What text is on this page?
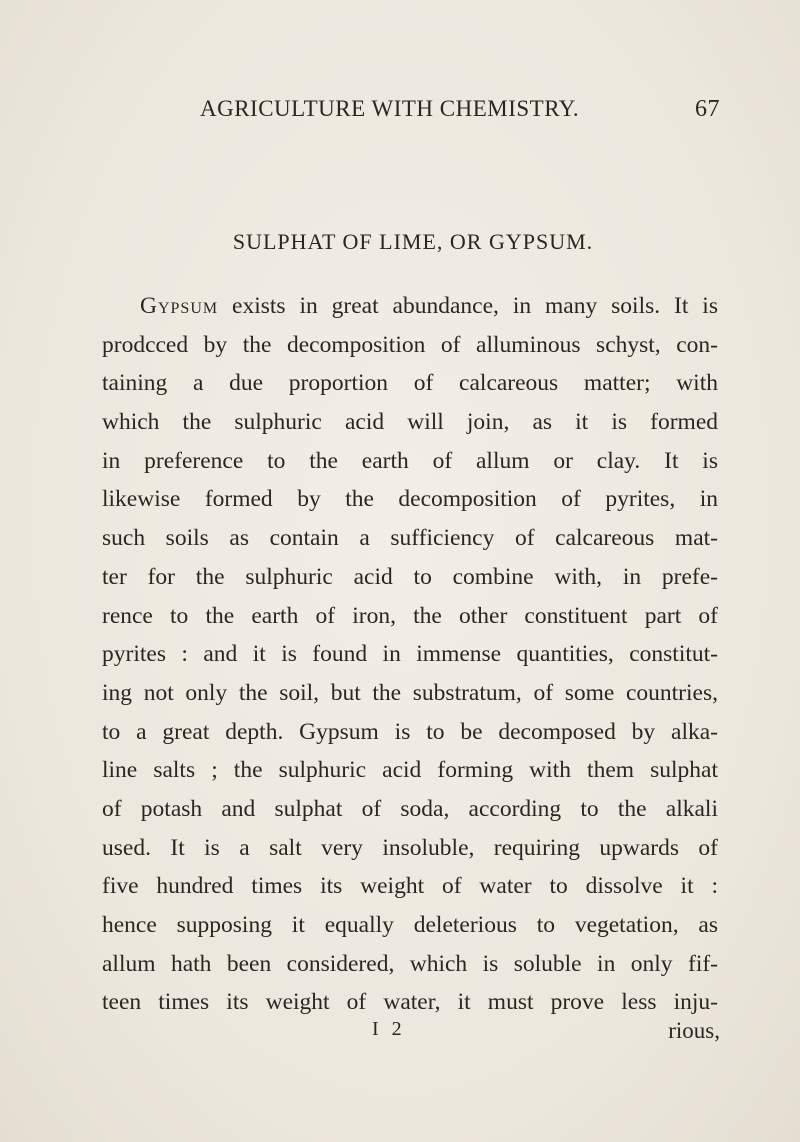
AGRICULTURE WITH CHEMISTRY.	67
SULPHAT OF LIME, OR GYPSUM.
Gypsum exists in great abundance, in many soils. It is
prodcced by the decomposition of alluminous schyst, con-
taining a due proportion of calcareous matter; with
which the sulphuric acid will join, as it is formed
in preference to the earth of allum or clay. It is
likewise formed by the decomposition of pyrites, in
such soils as contain a sufficiency of calcareous mat-
ter for the sulphuric acid to combine with, in prefe-
rence to the earth of iron, the other constituent part of
pyrites : and it is found in immense quantities, constitut-
ing not only the soil, but the substratum, of some countries,
to a great depth. Gypsum is to be decomposed by alka-
line salts ; the sulphuric acid forming with them sulphat
of potash and sulphat of soda, according to the alkali
used. It is a salt very insoluble, requiring upwards of
five hundred times its weight of water to dissolve it :
hence supposing it equally deleterious to vegetation, as
allum hath been considered, which is soluble in only fif-
teen times its weight of water, it must prove less inju-
I 2	rious,
